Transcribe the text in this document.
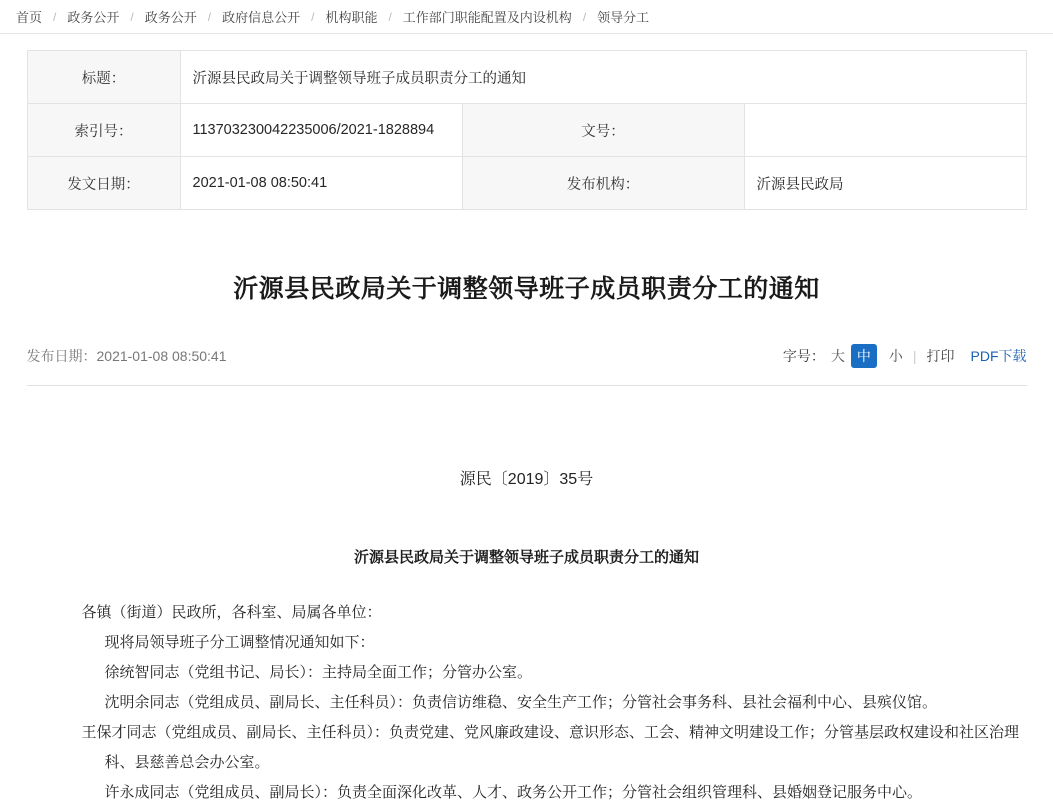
首页 / 政务公开 / 政务公开 / 政府信息公开 / 机构职能 / 工作部门职能配置及内设机构 / 领导分工
标题：	沂源县民政局关于调整领导班子成员职责分工的通知		
索引号：	113703230042235006/2021-1828894	文号：	
发文日期：	2021-01-08 08:50:41	发布机构：	沂源县民政局
沂源县民政局关于调整领导班子成员职责分工的通知
发布日期：2021-01-08 08:50:41	字号： 大 中	小 | 打印 PDF下载
源民〔2019〕35号
沂源县民政局关于调整领导班子成员职责分工的通知

各镇（街道）民政所，各科室、局属各单位：

现将局领导班子分工调整情况通知如下：

徐统智同志（党组书记、局长）：主持局全面工作；分管办公室。

沈明余同志（党组成员、副局长、主任科员）：负责信访维稳、安全生产工作；分管社会事务科、县社会福利中心、县殡仪馆。

王保才同志（党组成员、副局长、主任科员）：负责党建、党风廉政建设、意识形态、工会、精神文明建设工作；分管基层政权建设和社区治理科、县慈善总会办公室。

许永成同志（党组成员、副局长）：负责全面深化改革、人才、政务公开工作；分管社会组织管理科、县婚姻登记服务中心。
